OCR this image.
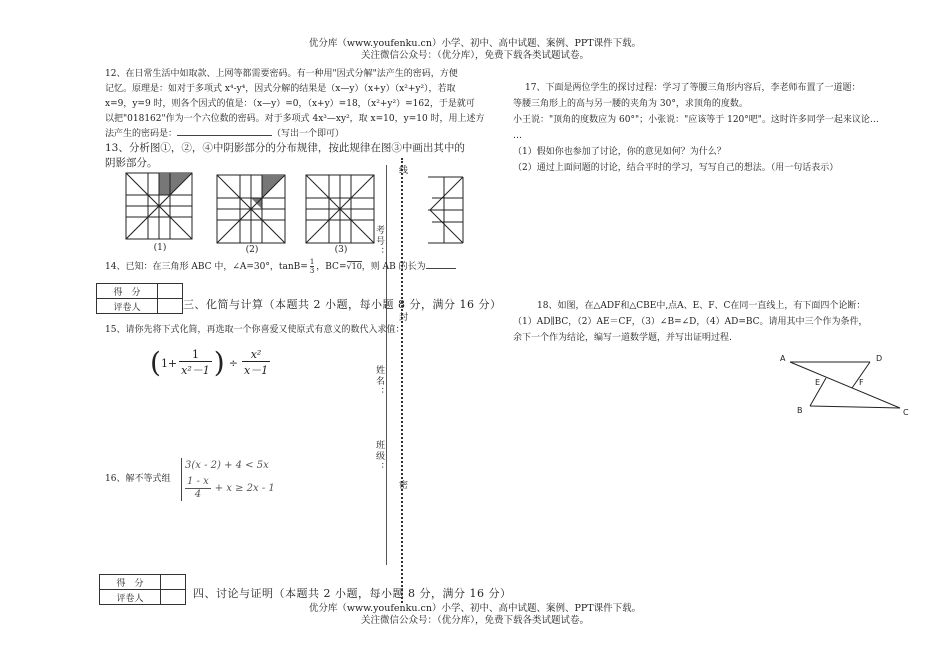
优分库（www.youfenku.cn）小学、初中、高中试题、案例、PPT课件下载。
关注微信公众号：（优分库），免费下载各类试题试卷。
考号：
姓名：
班级：
线
封
密
12、在日常生活中如取款、上网等都需要密码。有一种用"因式分解"法产生的密码，方便
记忆。原理是：如对于多项式 x⁴-y⁴，因式分解的结果是（x—y）（x+y）（x²+y²），若取
x=9，y=9 时，则各个因式的值是：（x—y）=0，（x+y）=18，（x²+y²）=162，于是就可
以把"018162"作为一个六位数的密码。对于多项式 4x³—xy²，取 x=10，y=10 时，用上述方
法产生的密码是：	（写出一个即可）
13、分析图①，②，④中阴影部分的分布规律，按此规律在图③中画出其中的
阴影部分。
(1)	(2)	(3)
14、已知：在三角形 ABC 中，∠A=30°，$\tan B= \frac{1}{3}$ ，BC=√10，则 AB 的长为
得　分	
评卷人		三、化简与计算（本题共 2 小题，每小题 8 分，满分 16 分）
15、请你先将下式化简，再选取一个你喜爱又使原式有意义的数代入求值：
( $1+ \frac{1}{\text{x²－1}}$ ) ÷ $\frac{\text{x²}}{x-1}$
16、解不等式组
3(x - 2) + 4 < 5x
$\frac{1 - x}{4} + x \ge 2x - 1$
得　分	
评卷人		四、讨论与证明（本题共 2 小题，每小题 8 分，满分 16 分）
优分库（www.youfenku.cn）小学、初中、高中试题、案例、PPT课件下载。
关注微信公众号：（优分库），免费下载各类试题试卷。
17、下面是两位学生的探讨过程：学习了等腰三角形内容后，李老师布置了一道题：
等腰三角形上的高与另一腰的夹角为 30°，求顶角的度数。
小王说："顶角的度数应为 60°"；小张说："应该等于 120°吧"。这时许多同学一起来议论…
…
（1）假如你也参加了讨论，你的意见如何？为什么？
（2）通过上面问题的讨论，结合平时的学习，写写自己的想法。（用一句话表示）
18、如图，在△ADF和△CBE中,点A、E、F、C在同一直线上，有下面四个论断：
（1）AD∥BC，（2）AE＝CF，（3）∠B=∠D，（4）AD=BC。请用其中三个作为条件，
余下一个作为结论，编写一道数学题，并写出证明过程.
A	D
E	F
B	C
